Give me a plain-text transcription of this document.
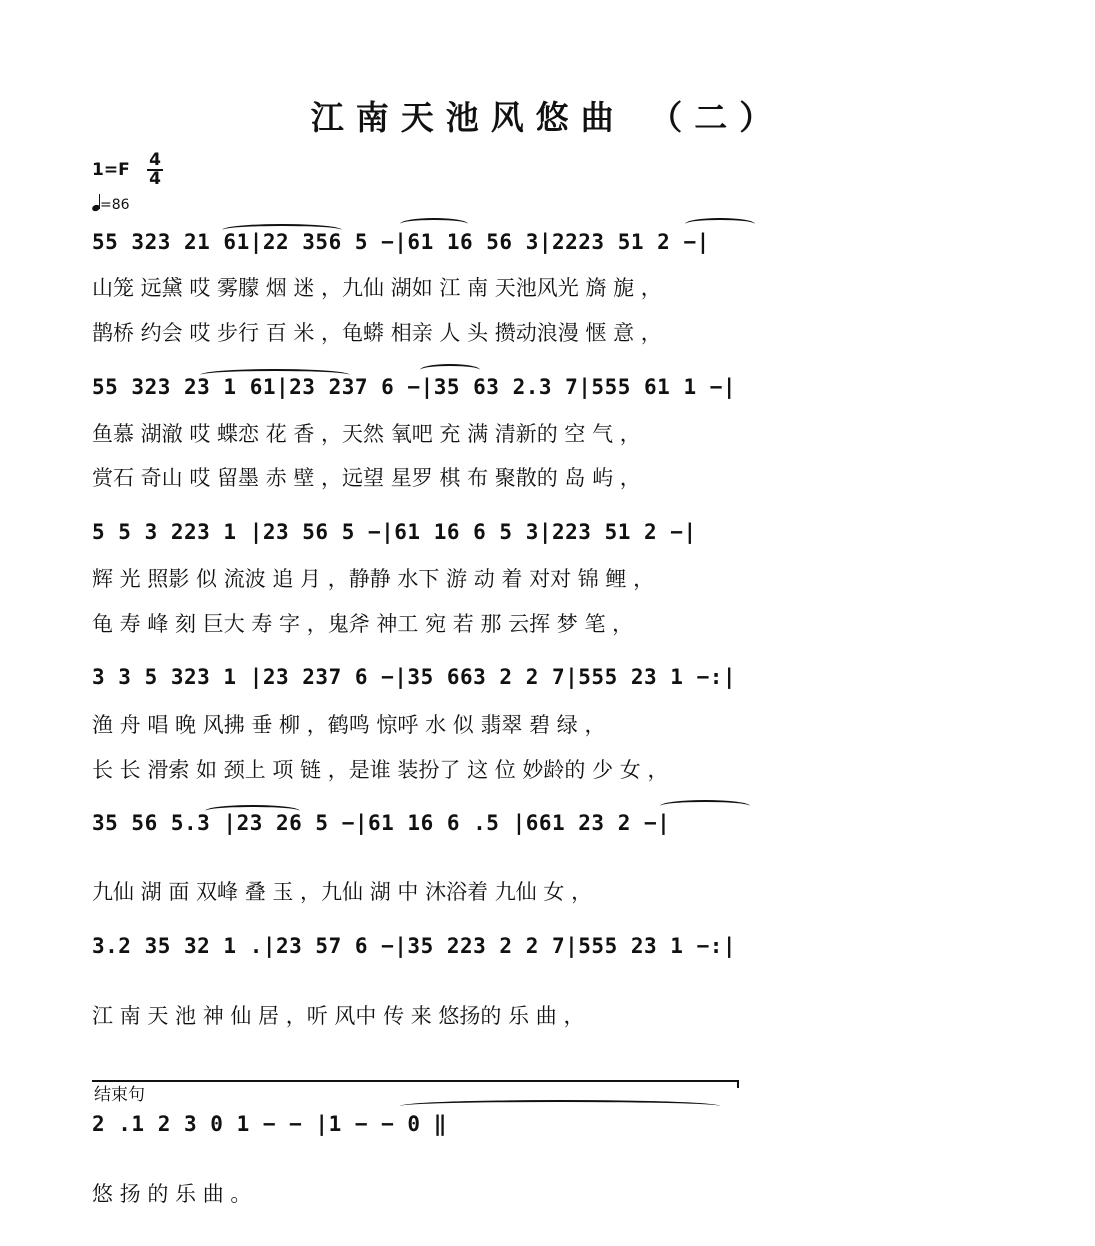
江南天池风悠曲 （二）
1=F 4
4
=86
55 323 21 61|22 356 5 −|61 16 56 3|2223 51 2 −|
山笼 远黛 哎 雾朦 烟 迷 ，九仙 湖如 江 南 天池风光 旖 旎 ，
鹊桥 约会 哎 步行 百 米 ，龟蟒 相亲 人 头 攒动浪漫 惬 意 ，
55 323 23 1 61|23 237 6 −|35 63 2.3 7|555 61 1 −|
鱼慕 湖澈 哎 蝶恋 花 香 ，天然 氧吧 充 满 清新的 空 气 ，
赏石 奇山 哎 留墨 赤 壁 ，远望 星罗 棋 布 聚散的 岛 屿 ，
5 5 3 223 1 |23 56 5 −|61 16 6 5 3|223 51 2 −|
辉 光 照影 似 流波 追 月 ，静静 水下 游 动 着 对对 锦 鲤 ，
龟 寿 峰 刻 巨大 寿 字 ，鬼斧 神工 宛 若 那 云挥 梦 笔 ，
3 3 5 323 1 |23 237 6 −|35 663 2 2 7|555 23 1 −:|
渔 舟 唱 晚 风拂 垂 柳 ，鹤鸣 惊呼 水 似 翡翠 碧 绿 ，
长 长 滑索 如 颈上 项 链 ，是谁 装扮了 这 位 妙龄的 少 女 ，
35 56 5.3 |23 26 5 −|61 16 6 .5 |661 23 2 −|
九仙 湖 面 双峰 叠 玉 ，九仙 湖 中 沐浴着 九仙 女 ，
3.2 35 32 1 .|23 57 6 −|35 223 2 2 7|555 23 1 −:|
江 南 天 池 神 仙 居 ，听 风中 传 来 悠扬的 乐 曲 ，
结束句
2 .1 2 3 0 1 − − |1 − − 0 ‖
悠 扬 的 乐 曲 。
